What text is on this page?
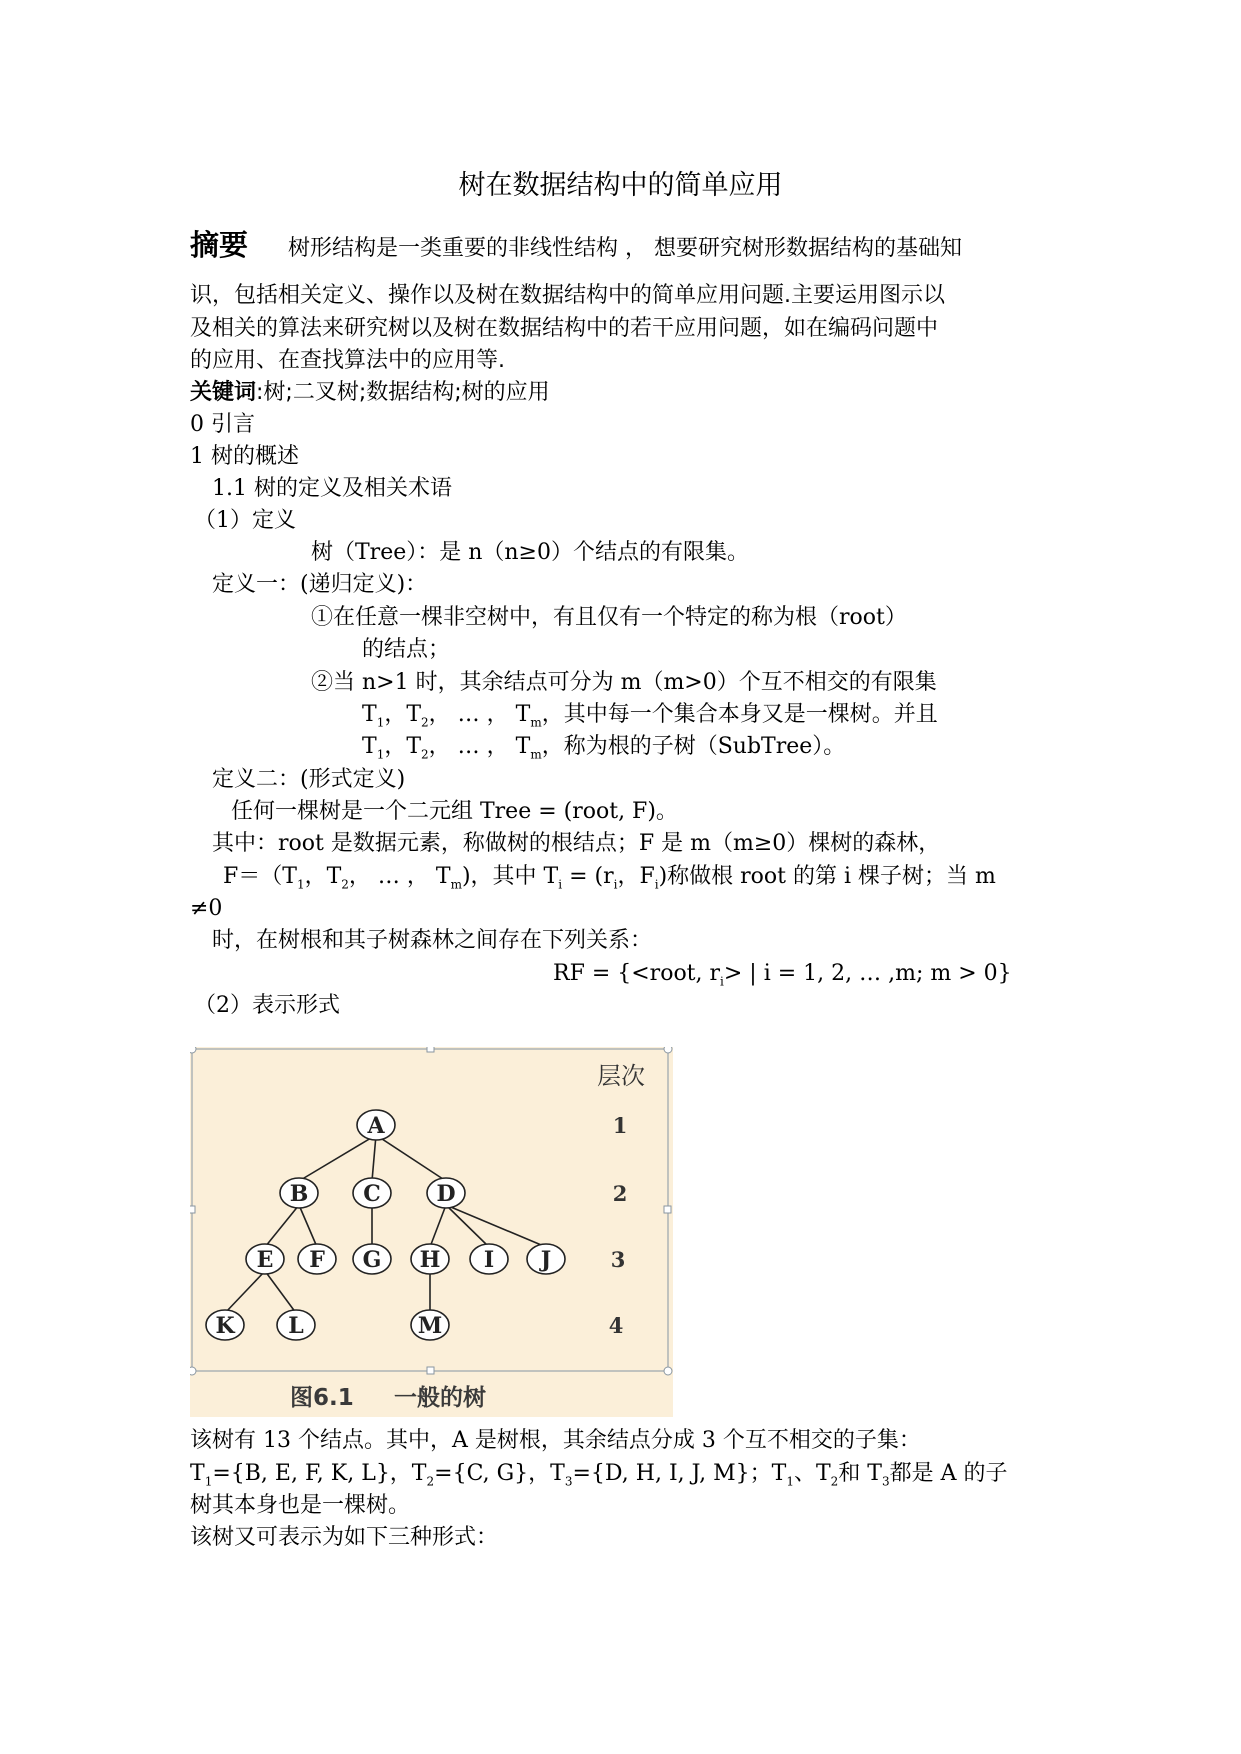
树在数据结构中的简单应用
摘要 树形结构是一类重要的非线性结构 ， 想要研究树形数据结构的基础知
识，包括相关定义、操作以及树在数据结构中的简单应用问题.主要运用图示以
及相关的算法来研究树以及树在数据结构中的若干应用问题，如在编码问题中
的应用、在查找算法中的应用等.
关键词:树;二叉树;数据结构;树的应用
0 引言
1 树的概述
1.1 树的定义及相关术语
（1）定义
树（Tree）：是 n（n≥0）个结点的有限集。
定义一：(递归定义)：
①在任意一棵非空树中，有且仅有一个特定的称为根（root）
的结点；
②当 n>1 时，其余结点可分为 m（m>0）个互不相交的有限集
$T_1$，$T_2$， … ， $T_m$，其中每一个集合本身又是一棵树。并且
$T_1$，$T_2$， … ， $T_m$，称为根的子树（SubTree）。
定义二：(形式定义)
任何一棵树是一个二元组 Tree = (root, F)。
其中：root 是数据元素，称做树的根结点；F 是 m（m≥0）棵树的森林，
$F=(T_1$，$T_2$， … ， $T_m$)，其中 $T_i = (r_i$，$F_i$)称做根 root 的第 i 棵子树；当 m
≠0
时，在树根和其子树森林之间存在下列关系：
RF = {<root, $r_i>$ | i = 1, 2, … ,m; m > 0}
（2）表示形式
A
B C	D
E F G H I J
K L	M
层次
1
2
3
4
图6.1 一般的树
该树有 13 个结点。其中，A 是树根，其余结点分成 3 个互不相交的子集：
$T_1=\{B$, E, F, K, L}，$T_2=\{C$, G}，$T_3=\{D$, H, I, J, M}；$T_1$、$T_2$和 $T_3$都是 A 的子
树其本身也是一棵树。
该树又可表示为如下三种形式：
